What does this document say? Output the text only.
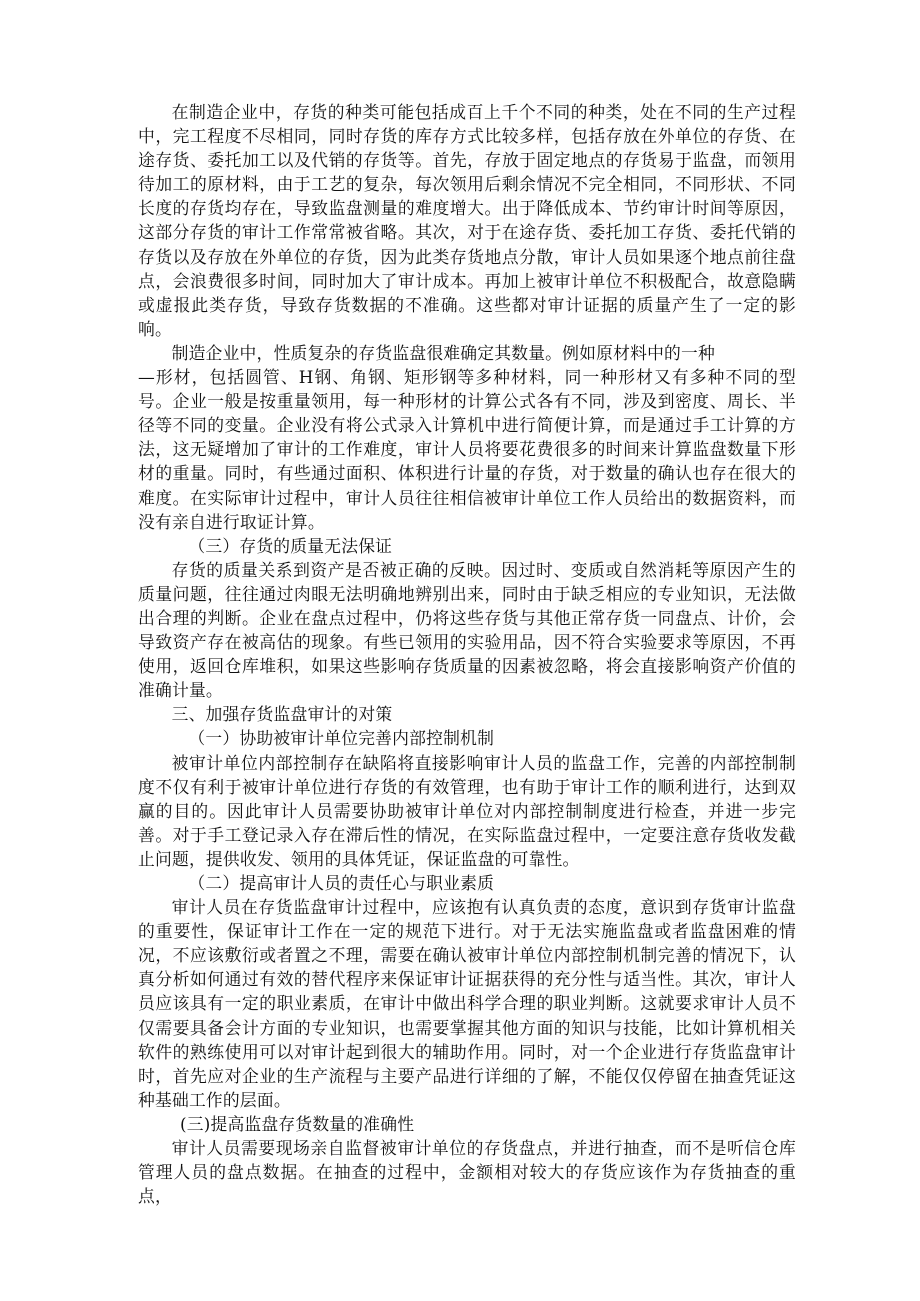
在制造企业中，存货的种类可能包括成百上千个不同的种类，处在不同的生产过程中，完工程度不尽相同，同时存货的库存方式比较多样，包括存放在外单位的存货、在途存货、委托加工以及代销的存货等。首先，存放于固定地点的存货易于监盘，而领用待加工的原材料，由于工艺的复杂，每次领用后剩余情况不完全相同，不同形状、不同长度的存货均存在，导致监盘测量的难度增大。出于降低成本、节约审计时间等原因，这部分存货的审计工作常常被省略。其次，对于在途存货、委托加工存货、委托代销的存货以及存放在外单位的存货，因为此类存货地点分散，审计人员如果逐个地点前往盘点，会浪费很多时间，同时加大了审计成本。再加上被审计单位不积极配合，故意隐瞒或虚报此类存货，导致存货数据的不准确。这些都对审计证据的质量产生了一定的影响。

制造企业中，性质复杂的存货监盘很难确定其数量。例如原材料中的一种

—形材，包括圆管、H钢、角钢、矩形钢等多种材料，同一种形材又有多种不同的型号。企业一般是按重量领用，每一种形材的计算公式各有不同，涉及到密度、周长、半径等不同的变量。企业没有将公式录入计算机中进行简便计算，而是通过手工计算的方法，这无疑增加了审计的工作难度，审计人员将要花费很多的时间来计算监盘数量下形材的重量。同时，有些通过面积、体积进行计量的存货，对于数量的确认也存在很大的难度。在实际审计过程中，审计人员往往相信被审计单位工作人员给出的数据资料，而没有亲自进行取证计算。

（三）存货的质量无法保证

存货的质量关系到资产是否被正确的反映。因过时、变质或自然消耗等原因产生的质量问题，往往通过肉眼无法明确地辨别出来，同时由于缺乏相应的专业知识，无法做出合理的判断。企业在盘点过程中，仍将这些存货与其他正常存货一同盘点、计价，会导致资产存在被高估的现象。有些已领用的实验用品，因不符合实验要求等原因，不再使用，返回仓库堆积，如果这些影响存货质量的因素被忽略，将会直接影响资产价值的准确计量。

三、加强存货监盘审计的对策

（一）协助被审计单位完善内部控制机制

被审计单位内部控制存在缺陷将直接影响审计人员的监盘工作，完善的内部控制制度不仅有利于被审计单位进行存货的有效管理，也有助于审计工作的顺利进行，达到双赢的目的。因此审计人员需要协助被审计单位对内部控制制度进行检查，并进一步完善。对于手工登记录入存在滞后性的情况，在实际监盘过程中，一定要注意存货收发截止问题，提供收发、领用的具体凭证，保证监盘的可靠性。

（二）提高审计人员的责任心与职业素质

审计人员在存货监盘审计过程中，应该抱有认真负责的态度，意识到存货审计监盘的重要性，保证审计工作在一定的规范下进行。对于无法实施监盘或者监盘困难的情况，不应该敷衍或者置之不理，需要在确认被审计单位内部控制机制完善的情况下，认真分析如何通过有效的替代程序来保证审计证据获得的充分性与适当性。其次，审计人员应该具有一定的职业素质，在审计中做出科学合理的职业判断。这就要求审计人员不仅需要具备会计方面的专业知识，也需要掌握其他方面的知识与技能，比如计算机相关软件的熟练使用可以对审计起到很大的辅助作用。同时，对一个企业进行存货监盘审计时，首先应对企业的生产流程与主要产品进行详细的了解，不能仅仅停留在抽查凭证这种基础工作的层面。

(三)提高监盘存货数量的准确性

审计人员需要现场亲自监督被审计单位的存货盘点，并进行抽查，而不是听信仓库管理人员的盘点数据。在抽查的过程中，金额相对较大的存货应该作为存货抽查的重点，
